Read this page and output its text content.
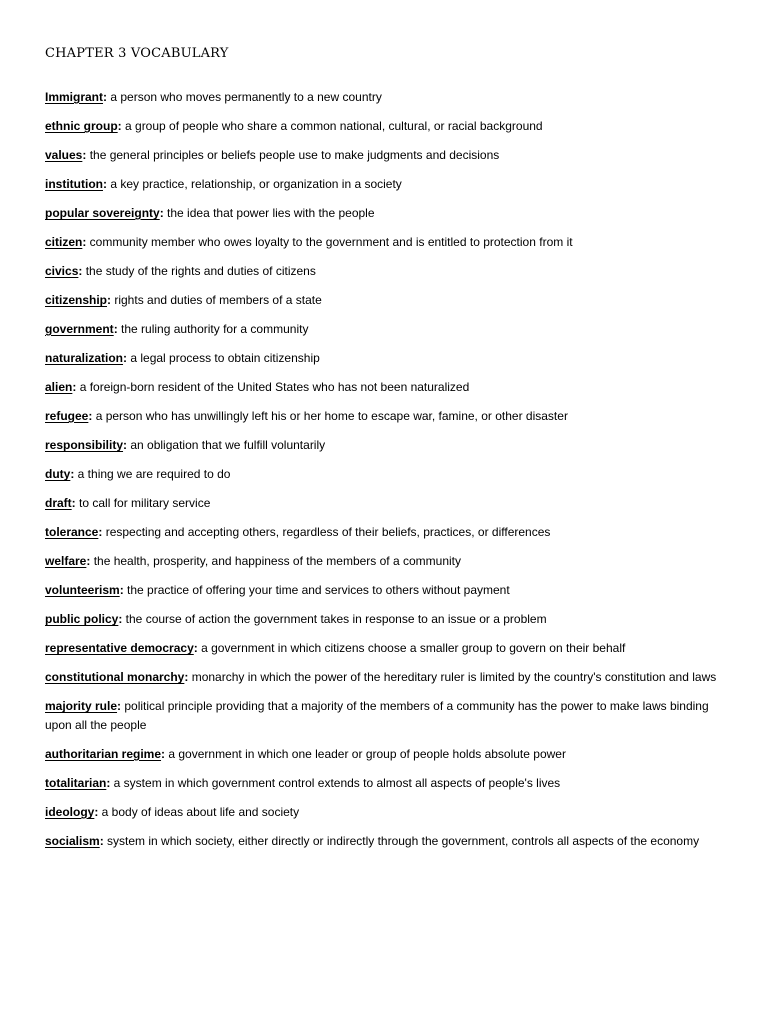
CHAPTER 3 VOCABULARY
Immigrant: a person who moves permanently to a new country
ethnic group: a group of people who share a common national, cultural, or racial background
values: the general principles or beliefs people use to make judgments and decisions
institution: a key practice, relationship, or organization in a society
popular sovereignty: the idea that power lies with the people
citizen: community member who owes loyalty to the government and is entitled to protection from it
civics: the study of the rights and duties of citizens
citizenship: rights and duties of members of a state
government: the ruling authority for a community
naturalization: a legal process to obtain citizenship
alien: a foreign-born resident of the United States who has not been naturalized
refugee: a person who has unwillingly left his or her home to escape war, famine, or other disaster
responsibility: an obligation that we fulfill voluntarily
duty: a thing we are required to do
draft: to call for military service
tolerance: respecting and accepting others, regardless of their beliefs, practices, or differences
welfare: the health, prosperity, and happiness of the members of a community
volunteerism: the practice of offering your time and services to others without payment
public policy: the course of action the government takes in response to an issue or a problem
representative democracy: a government in which citizens choose a smaller group to govern on their behalf
constitutional monarchy: monarchy in which the power of the hereditary ruler is limited by the country's constitution and laws
majority rule: political principle providing that a majority of the members of a community has the power to make laws binding upon all the people
authoritarian regime: a government in which one leader or group of people holds absolute power
totalitarian: a system in which government control extends to almost all aspects of people's lives
ideology: a body of ideas about life and society
socialism: system in which society, either directly or indirectly through the government, controls all aspects of the economy
